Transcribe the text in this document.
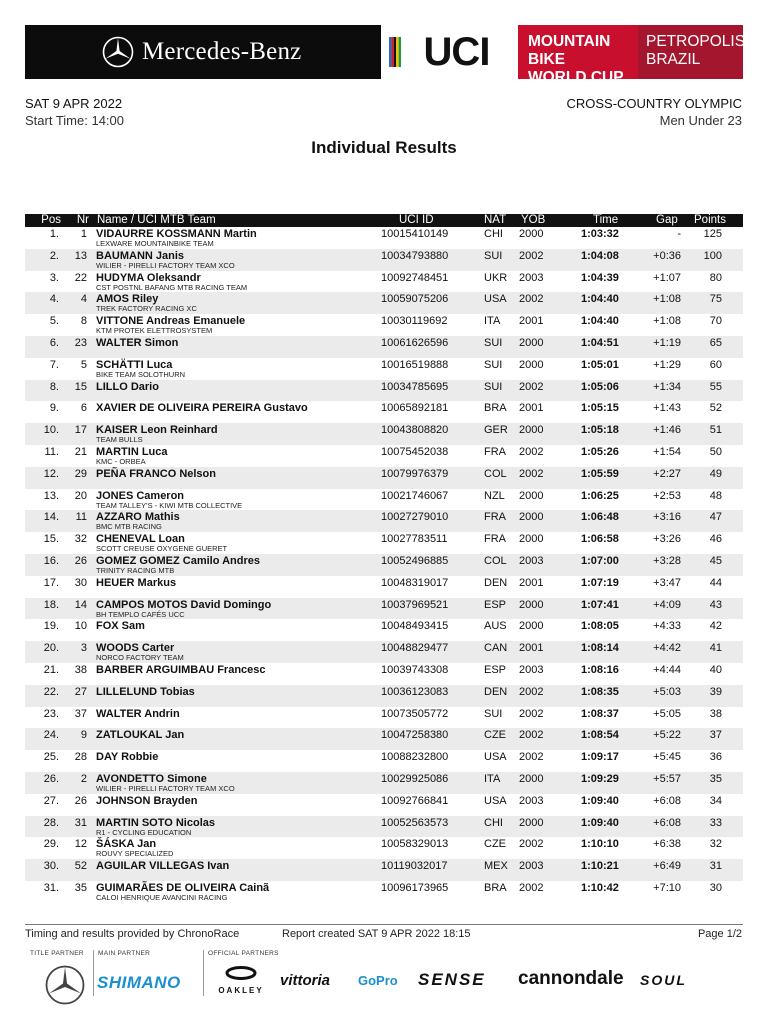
Mercedes-Benz	UCI MOUNTAIN BIKE
WORLD CUP
PETROPOLIS
BRAZIL
SAT 9 APR 2022
Start Time: 14:00
CROSS-COUNTRY OLYMPIC
Men Under 23
Individual Results
Pos Nr Name / UCI MTB Team	UCI ID	NAT YOB	Time	Gap Points
1. 1 VIDAURRE KOSSMANN Martin
LEXWARE MOUNTAINBIKE TEAM
10015410149	CHI 2000	1:03:32	- 125
2. 13 BAUMANN Janis
WILIER - PIRELLI FACTORY TEAM XCO
10034793880	SUI 2002	1:04:08	+0:36 100
3. 22 HUDYMA Oleksandr
CST POSTNL BAFANG MTB RACING TEAM
10092748451	UKR 2003	1:04:39	+1:07	80
4. 4 AMOS Riley
TREK FACTORY RACING XC
10059075206	USA 2002	1:04:40	+1:08	75
5. 8 VITTONE Andreas Emanuele
KTM PROTEK ELETTROSYSTEM
10030119692	ITA 2001	1:04:40	+1:08	70
6. 23 WALTER Simon	10061626596	SUI 2000	1:04:51	+1:19	65
7. 5 SCHÄTTI Luca
BIKE TEAM SOLOTHURN
10016519888	SUI 2000	1:05:01	+1:29	60
8. 15 LILLO Dario	10034785695	SUI 2002	1:05:06	+1:34	55
9. 6 XAVIER DE OLIVEIRA PEREIRA Gustavo	10065892181	BRA 2001	1:05:15	+1:43	52
10. 17 KAISER Leon Reinhard
TEAM BULLS
10043808820	GER 2000	1:05:18	+1:46	51
11. 21 MARTIN Luca
KMC - ORBEA
10075452038	FRA 2002	1:05:26	+1:54	50
12. 29 PEÑA FRANCO Nelson	10079976379	COL 2002	1:05:59	+2:27	49
13. 20 JONES Cameron
TEAM TALLEY'S - KIWI MTB COLLECTIVE
10021746067	NZL 2000	1:06:25	+2:53	48
14. 11 AZZARO Mathis
BMC MTB RACING
10027279010	FRA 2000	1:06:48	+3:16	47
15. 32 CHENEVAL Loan
SCOTT CREUSE OXYGENE GUERET
10027783511	FRA 2000	1:06:58	+3:26	46
16. 26 GOMEZ GOMEZ Camilo Andres
TRINITY RACING MTB
10052496885	COL 2003	1:07:00	+3:28	45
17. 30 HEUER Markus	10048319017	DEN 2001	1:07:19	+3:47	44
18. 14 CAMPOS MOTOS David Domingo
BH TEMPLO CAFÉS UCC
10037969521	ESP 2000	1:07:41	+4:09	43
19. 10 FOX Sam	10048493415	AUS 2000	1:08:05	+4:33	42
20. 3 WOODS Carter
NORCO FACTORY TEAM
10048829477	CAN 2001	1:08:14	+4:42	41
21. 38 BARBER ARGUIMBAU Francesc	10039743308	ESP 2003	1:08:16	+4:44	40
22. 27 LILLELUND Tobias	10036123083	DEN 2002	1:08:35	+5:03	39
23. 37 WALTER Andrin	10073505772	SUI 2002	1:08:37	+5:05	38
24. 9 ZATLOUKAL Jan	10047258380	CZE 2002	1:08:54	+5:22	37
25. 28 DAY Robbie	10088232800	USA 2002	1:09:17	+5:45	36
26. 2 AVONDETTO Simone
WILIER - PIRELLI FACTORY TEAM XCO
10029925086	ITA 2000	1:09:29	+5:57	35
27. 26 JOHNSON Brayden	10092766841	USA 2003	1:09:40	+6:08	34
28. 31 MARTIN SOTO Nicolas
R1 - CYCLING EDUCATION
10052563573	CHI 2000	1:09:40	+6:08	33
29. 12 ŠÁSKA Jan
ROUVY SPECIALIZED
10058329013	CZE 2002	1:10:10	+6:38	32
30. 52 AGUILAR VILLEGAS Ivan	10119032017	MEX 2003	1:10:21	+6:49	31
31. 35 GUIMARÃES DE OLIVEIRA Cainã
CALOI HENRIQUE AVANCINI RACING
10096173965	BRA 2002	1:10:42	+7:10	30
Timing and results provided by ChronoRace	Report created SAT 9 APR 2022 18:15	Page 1/2
TITLE PARTNER MAIN PARTNER	OFFICIAL PARTNERS
SHIMANO	OAKLEY
vittoria GoPro SENSE cannondale SOUL
